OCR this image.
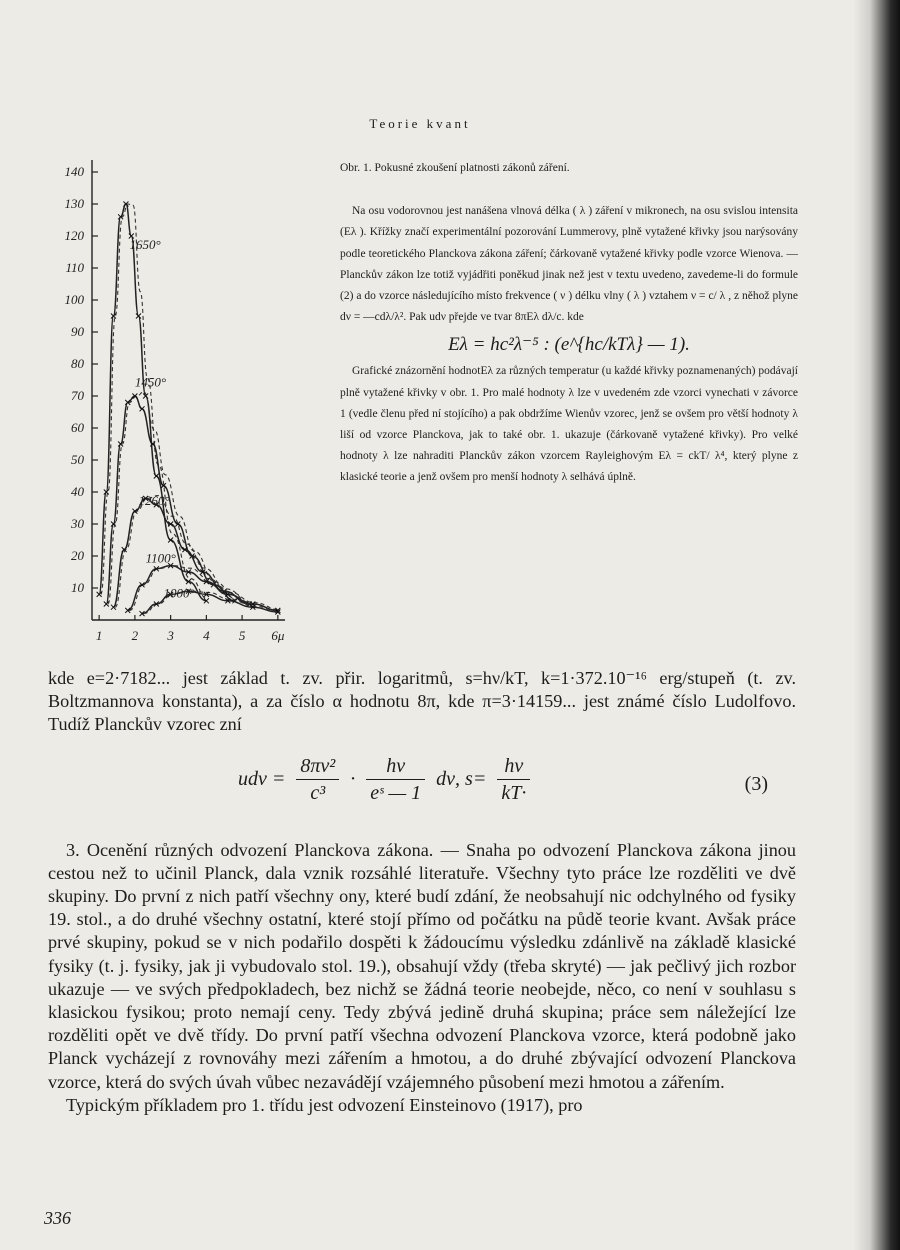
Teorie kvant
140
130
120
110
100
90
80
70
60
50
40
30
20
10
1 2 3 4 5 6μ
1650°
1450°
1260°
1100°
1000°

Obr. 1. Pokusné zkoušení platnosti zákonů záření.

Na osu vodorovnou jest nanášena vlnová délka ( λ ) záření v mikronech, na osu svislou intensita (Eλ ). Křížky značí experimentální pozorování Lummerovy, plně vytažené křivky jsou narýsovány podle teoretického Planckova zákona záření; čárkovaně vytažené křivky podle vzorce Wienova. — Planckův zákon lze totiž vyjádřiti poněkud jinak než jest v textu uvedeno, zavedeme-li do formule (2) a do vzorce následujícího místo frekvence ( ν ) délku vlny ( λ ) vztahem ν = c/ λ , z něhož plyne dν = —cdλ/λ². Pak udν přejde ve tvar 8πEλ dλ/c. kde

Eλ = hc²λ⁻⁵ : (e^{hc/kTλ} — 1).

Grafické znázornění hodnotEλ za různých temperatur (u každé křivky poznamenaných) podávají plně vytažené křivky v obr. 1. Pro malé hodnoty λ lze v uvedeném zde vzorci vynechati v závorce 1 (vedle členu před ní stojícího) a pak obdržíme Wienův vzorec, jenž se ovšem pro větší hodnoty λ liší od vzorce Planckova, jak to také obr. 1. ukazuje (čárkovaně vytažené křivky). Pro velké hodnoty λ lze nahraditi Planckův zákon vzorcem Rayleighovým Eλ = ckT/ λ⁴, který plyne z klasické teorie a jenž ovšem pro menší hodnoty λ selhává úplně.

kde e=2·7182... jest základ t. zv. přir. logaritmů, s=hν/kT, k=1·372.10⁻¹⁶ erg/stupeň (t. zv. Boltzmannova konstanta), a za číslo α hodnotu 8π, kde π=3·14159... jest známé číslo Ludolfovo. Tudíž Planckův vzorec zní

$ud\nu = \frac{\text{8πν²}}{\text{c³}} \cdot \frac{h\nu}{\text{eˢ — 1}} d\nu$, $s= \frac{h\nu}{kT\cdot}$	(3)

3. Ocenění různých odvození Planckova zákona. — Snaha po odvození Planckova zákona jinou cestou než to učinil Planck, dala vznik rozsáhlé literatuře. Všechny tyto práce lze rozděliti ve dvě skupiny. Do první z nich patří všechny ony, které budí zdání, že neobsahují nic odchylného od fysiky 19. stol., a do druhé všechny ostatní, které stojí přímo od počátku na půdě teorie kvant. Avšak práce prvé skupiny, pokud se v nich podařilo dospěti k žádoucímu výsledku zdánlivě na základě klasické fysiky (t. j. fysiky, jak ji vybudovalo stol. 19.), obsahují vždy (třeba skryté) — jak pečlivý jich rozbor ukazuje — ve svých předpokladech, bez nichž se žádná teorie neobejde, něco, co není v souhlasu s klasickou fysikou; proto nemají ceny. Tedy zbývá jedině druhá skupina; práce sem náležející lze rozděliti opět ve dvě třídy. Do první patří všechna odvození Planckova vzorce, která podobně jako Planck vycházejí z rovnováhy mezi zářením a hmotou, a do druhé zbývající odvození Planckova vzorce, která do svých úvah vůbec nezavádějí vzájemného působení mezi hmotou a zářením.

Typickým příkladem pro 1. třídu jest odvození Einsteinovo (1917), pro

336
